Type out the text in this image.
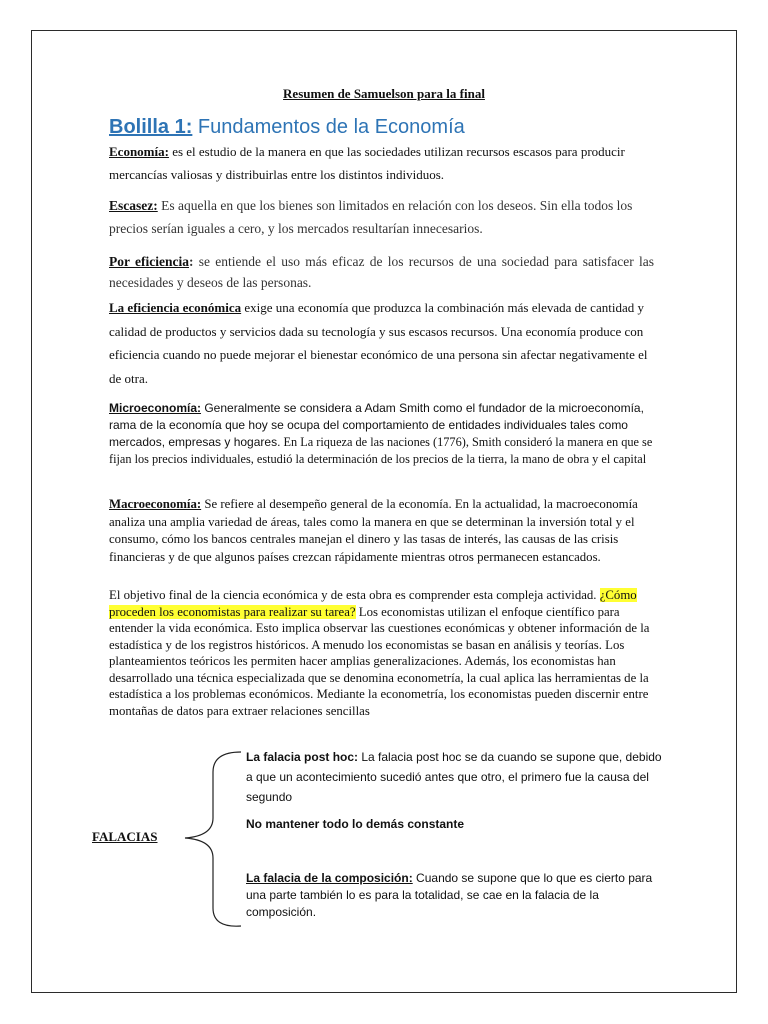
Resumen de Samuelson para la final
Bolilla 1: Fundamentos de la Economía
Economía: es el estudio de la manera en que las sociedades utilizan recursos escasos para producir mercancías valiosas y distribuirlas entre los distintos individuos.
Escasez: Es aquella en que los bienes son limitados en relación con los deseos. Sin ella todos los precios serían iguales a cero, y los mercados resultarían innecesarios.
Por eficiencia: se entiende el uso más eficaz de los recursos de una sociedad para satisfacer las necesidades y deseos de las personas.
La eficiencia económica exige una economía que produzca la combinación más elevada de cantidad y calidad de productos y servicios dada su tecnología y sus escasos recursos. Una economía produce con eficiencia cuando no puede mejorar el bienestar económico de una persona sin afectar negativamente el de otra.
Microeconomía: Generalmente se considera a Adam Smith como el fundador de la microeconomía, rama de la economía que hoy se ocupa del comportamiento de entidades individuales tales como mercados, empresas y hogares. En La riqueza de las naciones (1776), Smith consideró la manera en que se fijan los precios individuales, estudió la determinación de los precios de la tierra, la mano de obra y el capital
Macroeconomía: Se refiere al desempeño general de la economía. En la actualidad, la macroeconomía analiza una amplia variedad de áreas, tales como la manera en que se determinan la inversión total y el consumo, cómo los bancos centrales manejan el dinero y las tasas de interés, las causas de las crisis financieras y de que algunos países crezcan rápidamente mientras otros permanecen estancados.
El objetivo final de la ciencia económica y de esta obra es comprender esta compleja actividad. ¿Cómo proceden los economistas para realizar su tarea? Los economistas utilizan el enfoque científico para entender la vida económica. Esto implica observar las cuestiones económicas y obtener información de la estadística y de los registros históricos. A menudo los economistas se basan en análisis y teorías. Los planteamientos teóricos les permiten hacer amplias generalizaciones. Además, los economistas han desarrollado una técnica especializada que se denomina econometría, la cual aplica las herramientas de la estadística a los problemas económicos. Mediante la econometría, los economistas pueden discernir entre montañas de datos para extraer relaciones sencillas
FALACIAS
La falacia post hoc: La falacia post hoc se da cuando se supone que, debido a que un acontecimiento sucedió antes que otro, el primero fue la causa del segundo
No mantener todo lo demás constante
La falacia de la composición: Cuando se supone que lo que es cierto para una parte también lo es para la totalidad, se cae en la falacia de la composición.
